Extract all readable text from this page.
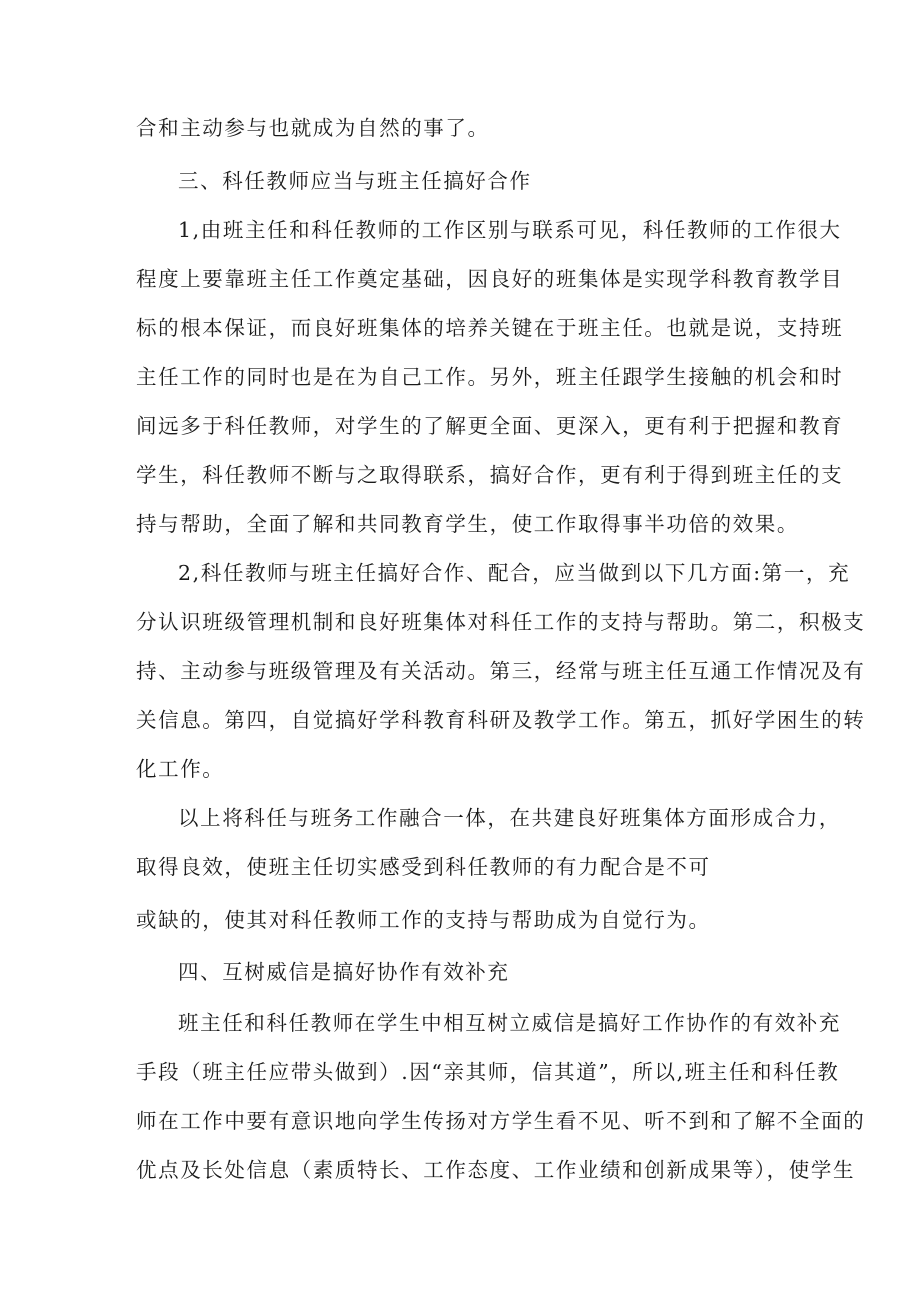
合和主动参与也就成为自然的事了。
三、科任教师应当与班主任搞好合作
1,由班主任和科任教师的工作区别与联系可见，科任教师的工作很大
程度上要靠班主任工作奠定基础，因良好的班集体是实现学科教育教学目
标的根本保证，而良好班集体的培养关键在于班主任。也就是说，支持班
主任工作的同时也是在为自己工作。另外，班主任跟学生接触的机会和时
间远多于科任教师，对学生的了解更全面、更深入，更有利于把握和教育
学生，科任教师不断与之取得联系，搞好合作，更有利于得到班主任的支
持与帮助，全面了解和共同教育学生，使工作取得事半功倍的效果。
2,科任教师与班主任搞好合作、配合，应当做到以下几方面:第一，充
分认识班级管理机制和良好班集体对科任工作的支持与帮助。第二，积极支
持、主动参与班级管理及有关活动。第三，经常与班主任互通工作情况及有
关信息。第四，自觉搞好学科教育科研及教学工作。第五，抓好学困生的转
化工作。
以上将科任与班务工作融合一体，在共建良好班集体方面形成合力，
取得良效，使班主任切实感受到科任教师的有力配合是不可
或缺的，使其对科任教师工作的支持与帮助成为自觉行为。
四、互树威信是搞好协作有效补充
班主任和科任教师在学生中相互树立威信是搞好工作协作的有效补充
手段（班主任应带头做到）.因“亲其师，信其道”，所以,班主任和科任教
师在工作中要有意识地向学生传扬对方学生看不见、听不到和了解不全面的
优点及长处信息（素质特长、工作态度、工作业绩和创新成果等），使学生
